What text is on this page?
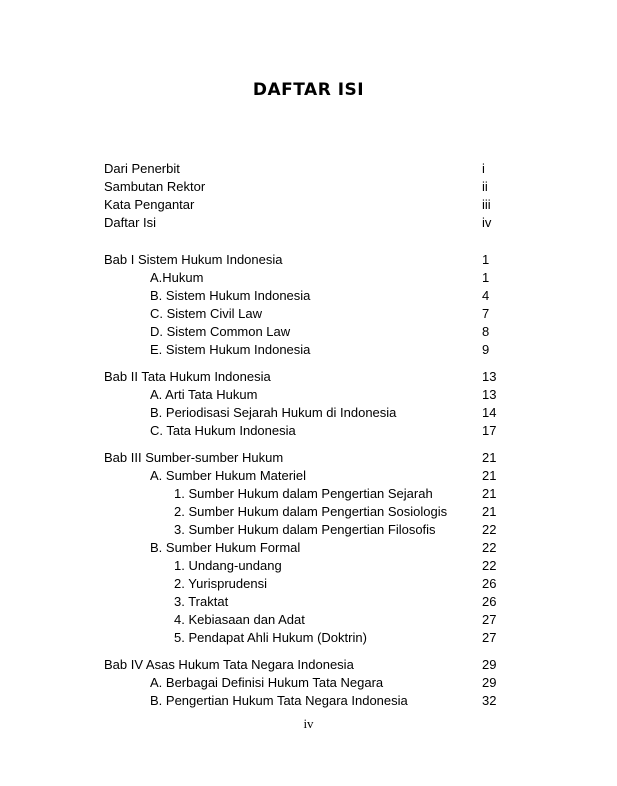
DAFTAR ISI
Dari Penerbit	i
Sambutan Rektor	ii
Kata Pengantar	iii
Daftar Isi	iv
Bab I Sistem Hukum Indonesia	1
A.Hukum	1
B. Sistem Hukum Indonesia	4
C. Sistem Civil Law	7
D. Sistem Common Law	8
E. Sistem Hukum Indonesia	9
Bab II Tata Hukum Indonesia	13
A. Arti Tata Hukum	13
B. Periodisasi Sejarah Hukum di Indonesia	14
C. Tata Hukum Indonesia	17
Bab III Sumber-sumber Hukum	21
A. Sumber Hukum Materiel	21
1. Sumber Hukum dalam Pengertian Sejarah	21
2. Sumber Hukum dalam Pengertian Sosiologis	21
3. Sumber Hukum dalam Pengertian Filosofis	22
B. Sumber Hukum Formal	22
1. Undang-undang	22
2. Yurisprudensi	26
3. Traktat	26
4. Kebiasaan dan Adat	27
5. Pendapat Ahli Hukum (Doktrin)	27
Bab IV Asas Hukum Tata Negara Indonesia	29
A. Berbagai Definisi Hukum Tata Negara	29
B. Pengertian Hukum Tata Negara Indonesia	32
iv
